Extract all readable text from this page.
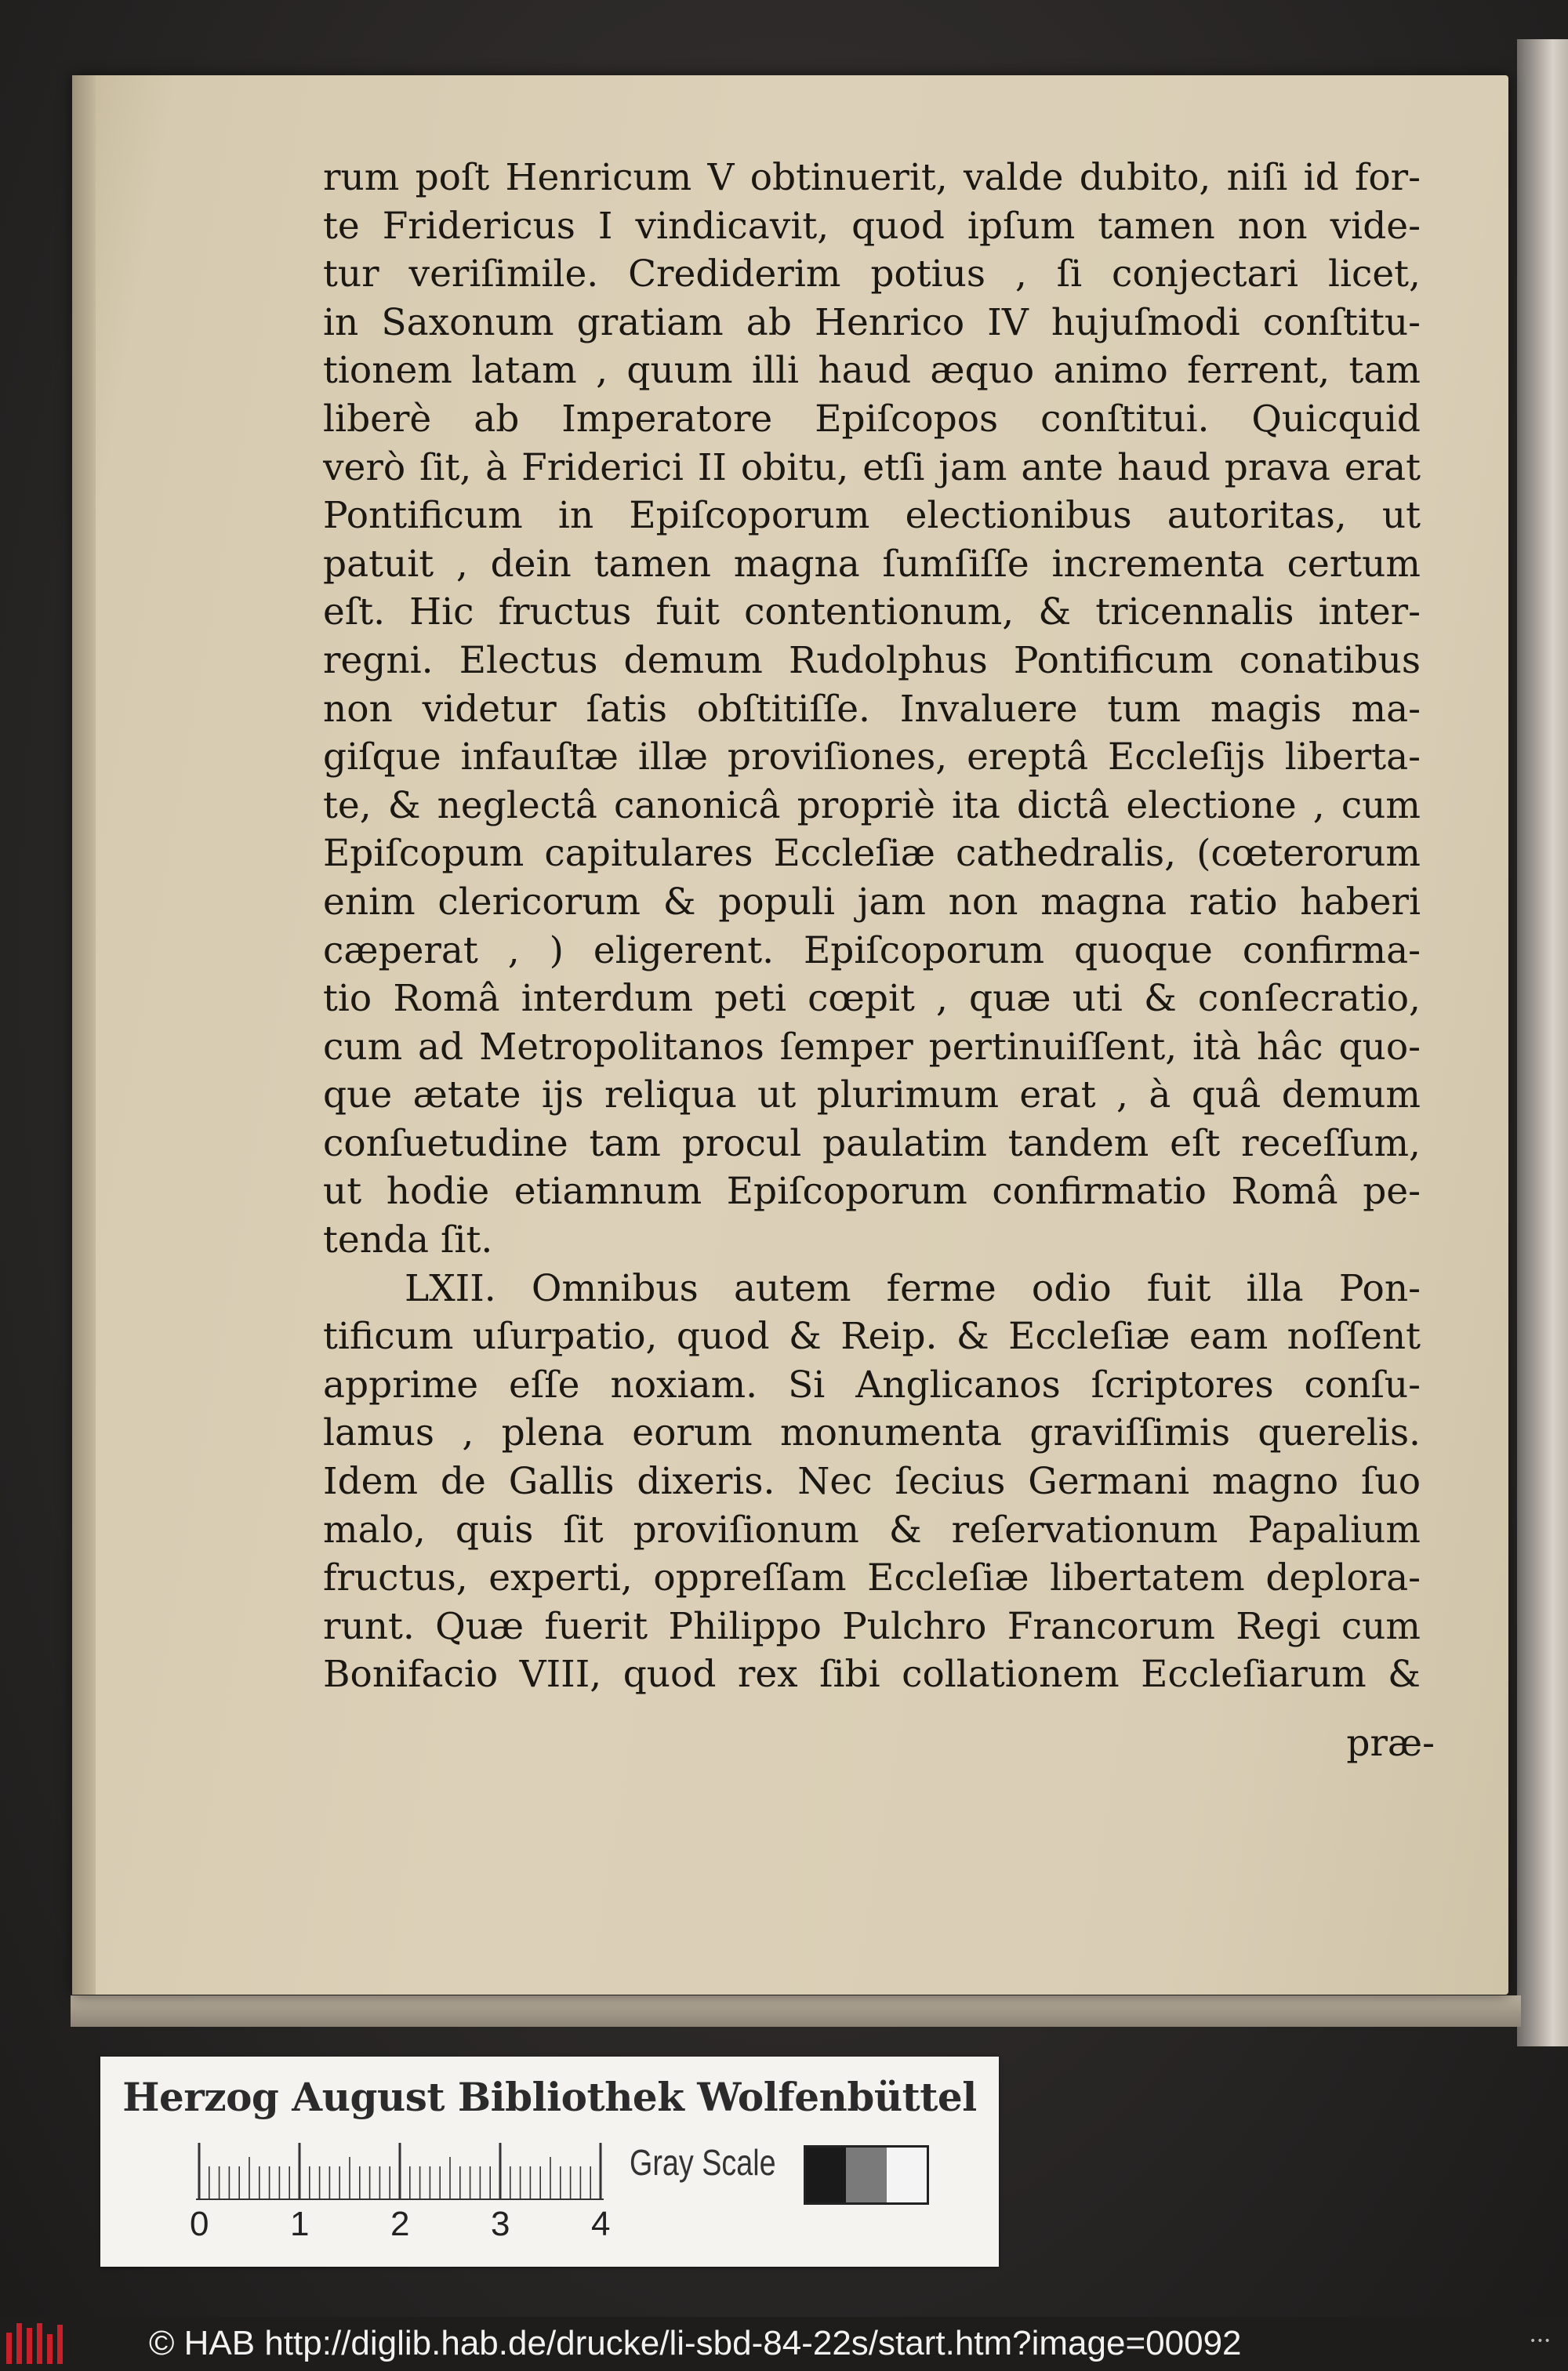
rum poſt Henricum V obtinuerit, valde dubito, niſi id for-
te Fridericus I vindicavit, quod ipſum tamen non vide-
tur veriſimile. Crediderim potius , ſi conjectari licet,
in Saxonum gratiam ab Henrico IV hujuſmodi conſtitu-
tionem latam , quum illi haud æquo animo ferrent, tam
liberè ab Imperatore Epiſcopos conſtitui. Quicquid
verò ſit, à Friderici II obitu, etſi jam ante haud prava erat
Pontificum in Epiſcoporum electionibus autoritas, ut
patuit , dein tamen magna ſumſiſſe incrementa certum
eſt. Hic fructus fuit contentionum, & tricennalis inter-
regni. Electus demum Rudolphus Pontificum conatibus
non videtur ſatis obſtitiſſe. Invaluere tum magis ma-
giſque infauſtæ illæ proviſiones, ereptâ Eccleſijs liberta-
te, & neglectâ canonicâ propriè ita dictâ electione , cum
Epiſcopum capitulares Eccleſiæ cathedralis, (cœterorum
enim clericorum & populi jam non magna ratio haberi
cæperat , ) eligerent. Epiſcoporum quoque confirma-
tio Româ interdum peti cœpit , quæ uti & conſecratio,
cum ad Metropolitanos ſemper pertinuiſſent, ità hâc quo-
que ætate ijs reliqua ut plurimum erat , à quâ demum
conſuetudine tam procul paulatim tandem eſt receſſum,
ut hodie etiamnum Epiſcoporum confirmatio Româ pe-
tenda ſit.
LXII. Omnibus autem ferme odio fuit illa Pon-
tificum uſurpatio, quod & Reip. & Eccleſiæ eam noſſent
apprime eſſe noxiam. Si Anglicanos ſcriptores conſu-
lamus , plena eorum monumenta graviſſimis querelis.
Idem de Gallis dixeris. Nec ſecius Germani magno ſuo
malo, quis ſit proviſionum & reſervationum Papalium
fructus, experti, oppreſſam Eccleſiæ libertatem deplora-
runt. Quæ fuerit Philippo Pulchro Francorum Regi cum
Bonifacio VIII, quod rex ſibi collationem Eccleſiarum &
præ-
Herzog August Bibliothek Wolfenbüttel
0 1 2 3 4
Gray Scale
© HAB http://diglib.hab.de/drucke/li-sbd-84-22s/start.htm?image=00092	•••
